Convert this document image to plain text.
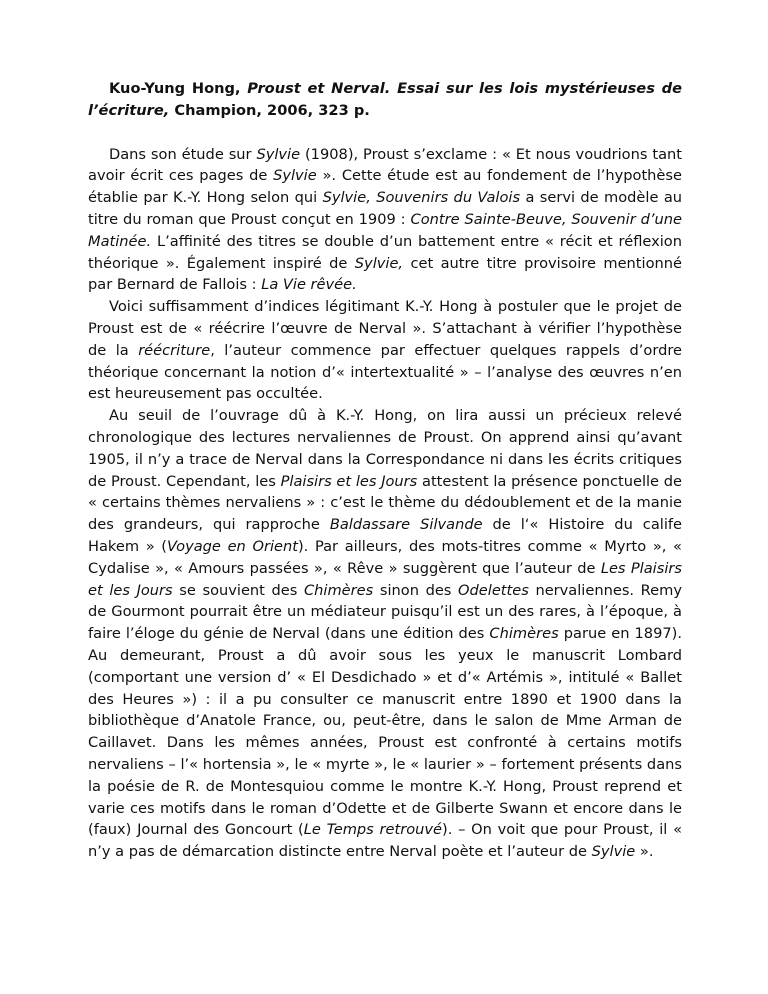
Kuo-Yung Hong, Proust et Nerval. Essai sur les lois mystérieuses de l’écriture, Champion, 2006, 323 p.

Dans son étude sur Sylvie (1908), Proust s’exclame : « Et nous voudrions tant avoir écrit ces pages de Sylvie ». Cette étude est au fondement de l’hypothèse établie par K.-Y. Hong selon qui Sylvie, Souvenirs du Valois a servi de modèle au titre du roman que Proust conçut en 1909 : Contre Sainte-Beuve, Souvenir d’une Matinée. L’affinité des titres se double d’un battement entre « récit et réflexion théorique ». Également inspiré de Sylvie, cet autre titre provisoire mentionné par Bernard de Fallois : La Vie rêvée.

Voici suffisamment d’indices légitimant K.-Y. Hong à postuler que le projet de Proust est de « réécrire l’œuvre de Nerval ». S’attachant à vérifier l’hypothèse de la réécriture, l’auteur commence par effectuer quelques rappels d’ordre théorique concernant la notion d’« intertextualité » – l’analyse des œuvres n’en est heureusement pas occultée.

Au seuil de l’ouvrage dû à K.-Y. Hong, on lira aussi un précieux relevé chronologique des lectures nervaliennes de Proust. On apprend ainsi qu’avant 1905, il n’y a trace de Nerval dans la Correspondance ni dans les écrits critiques de Proust. Cependant, les Plaisirs et les Jours attestent la présence ponctuelle de « certains thèmes nervaliens » : c’est le thème du dédoublement et de la manie des grandeurs, qui rapproche Baldassare Silvande de l‘« Histoire du calife Hakem » (Voyage en Orient). Par ailleurs, des mots-titres comme « Myrto », « Cydalise », « Amours passées », « Rêve » suggèrent que l’auteur de Les Plaisirs et les Jours se souvient des Chimères sinon des Odelettes nervaliennes. Remy de Gourmont pourrait être un médiateur puisqu’il est un des rares, à l’époque, à faire l’éloge du génie de Nerval (dans une édition des Chimères parue en 1897). Au demeurant, Proust a dû avoir sous les yeux le manuscrit Lombard (comportant une version d’ « El Desdichado » et d’« Artémis », intitulé « Ballet des Heures ») : il a pu consulter ce manuscrit entre 1890 et 1900 dans la bibliothèque d’Anatole France, ou, peut-être, dans le salon de Mme Arman de Caillavet. Dans les mêmes années, Proust est confronté à certains motifs nervaliens – l’« hortensia », le « myrte », le « laurier » – fortement présents dans la poésie de R. de Montesquiou comme le montre K.-Y. Hong, Proust reprend et varie ces motifs dans le roman d’Odette et de Gilberte Swann et encore dans le (faux) Journal des Goncourt (Le Temps retrouvé). – On voit que pour Proust, il « n’y a pas de démarcation distincte entre Nerval poète et l’auteur de Sylvie ».
